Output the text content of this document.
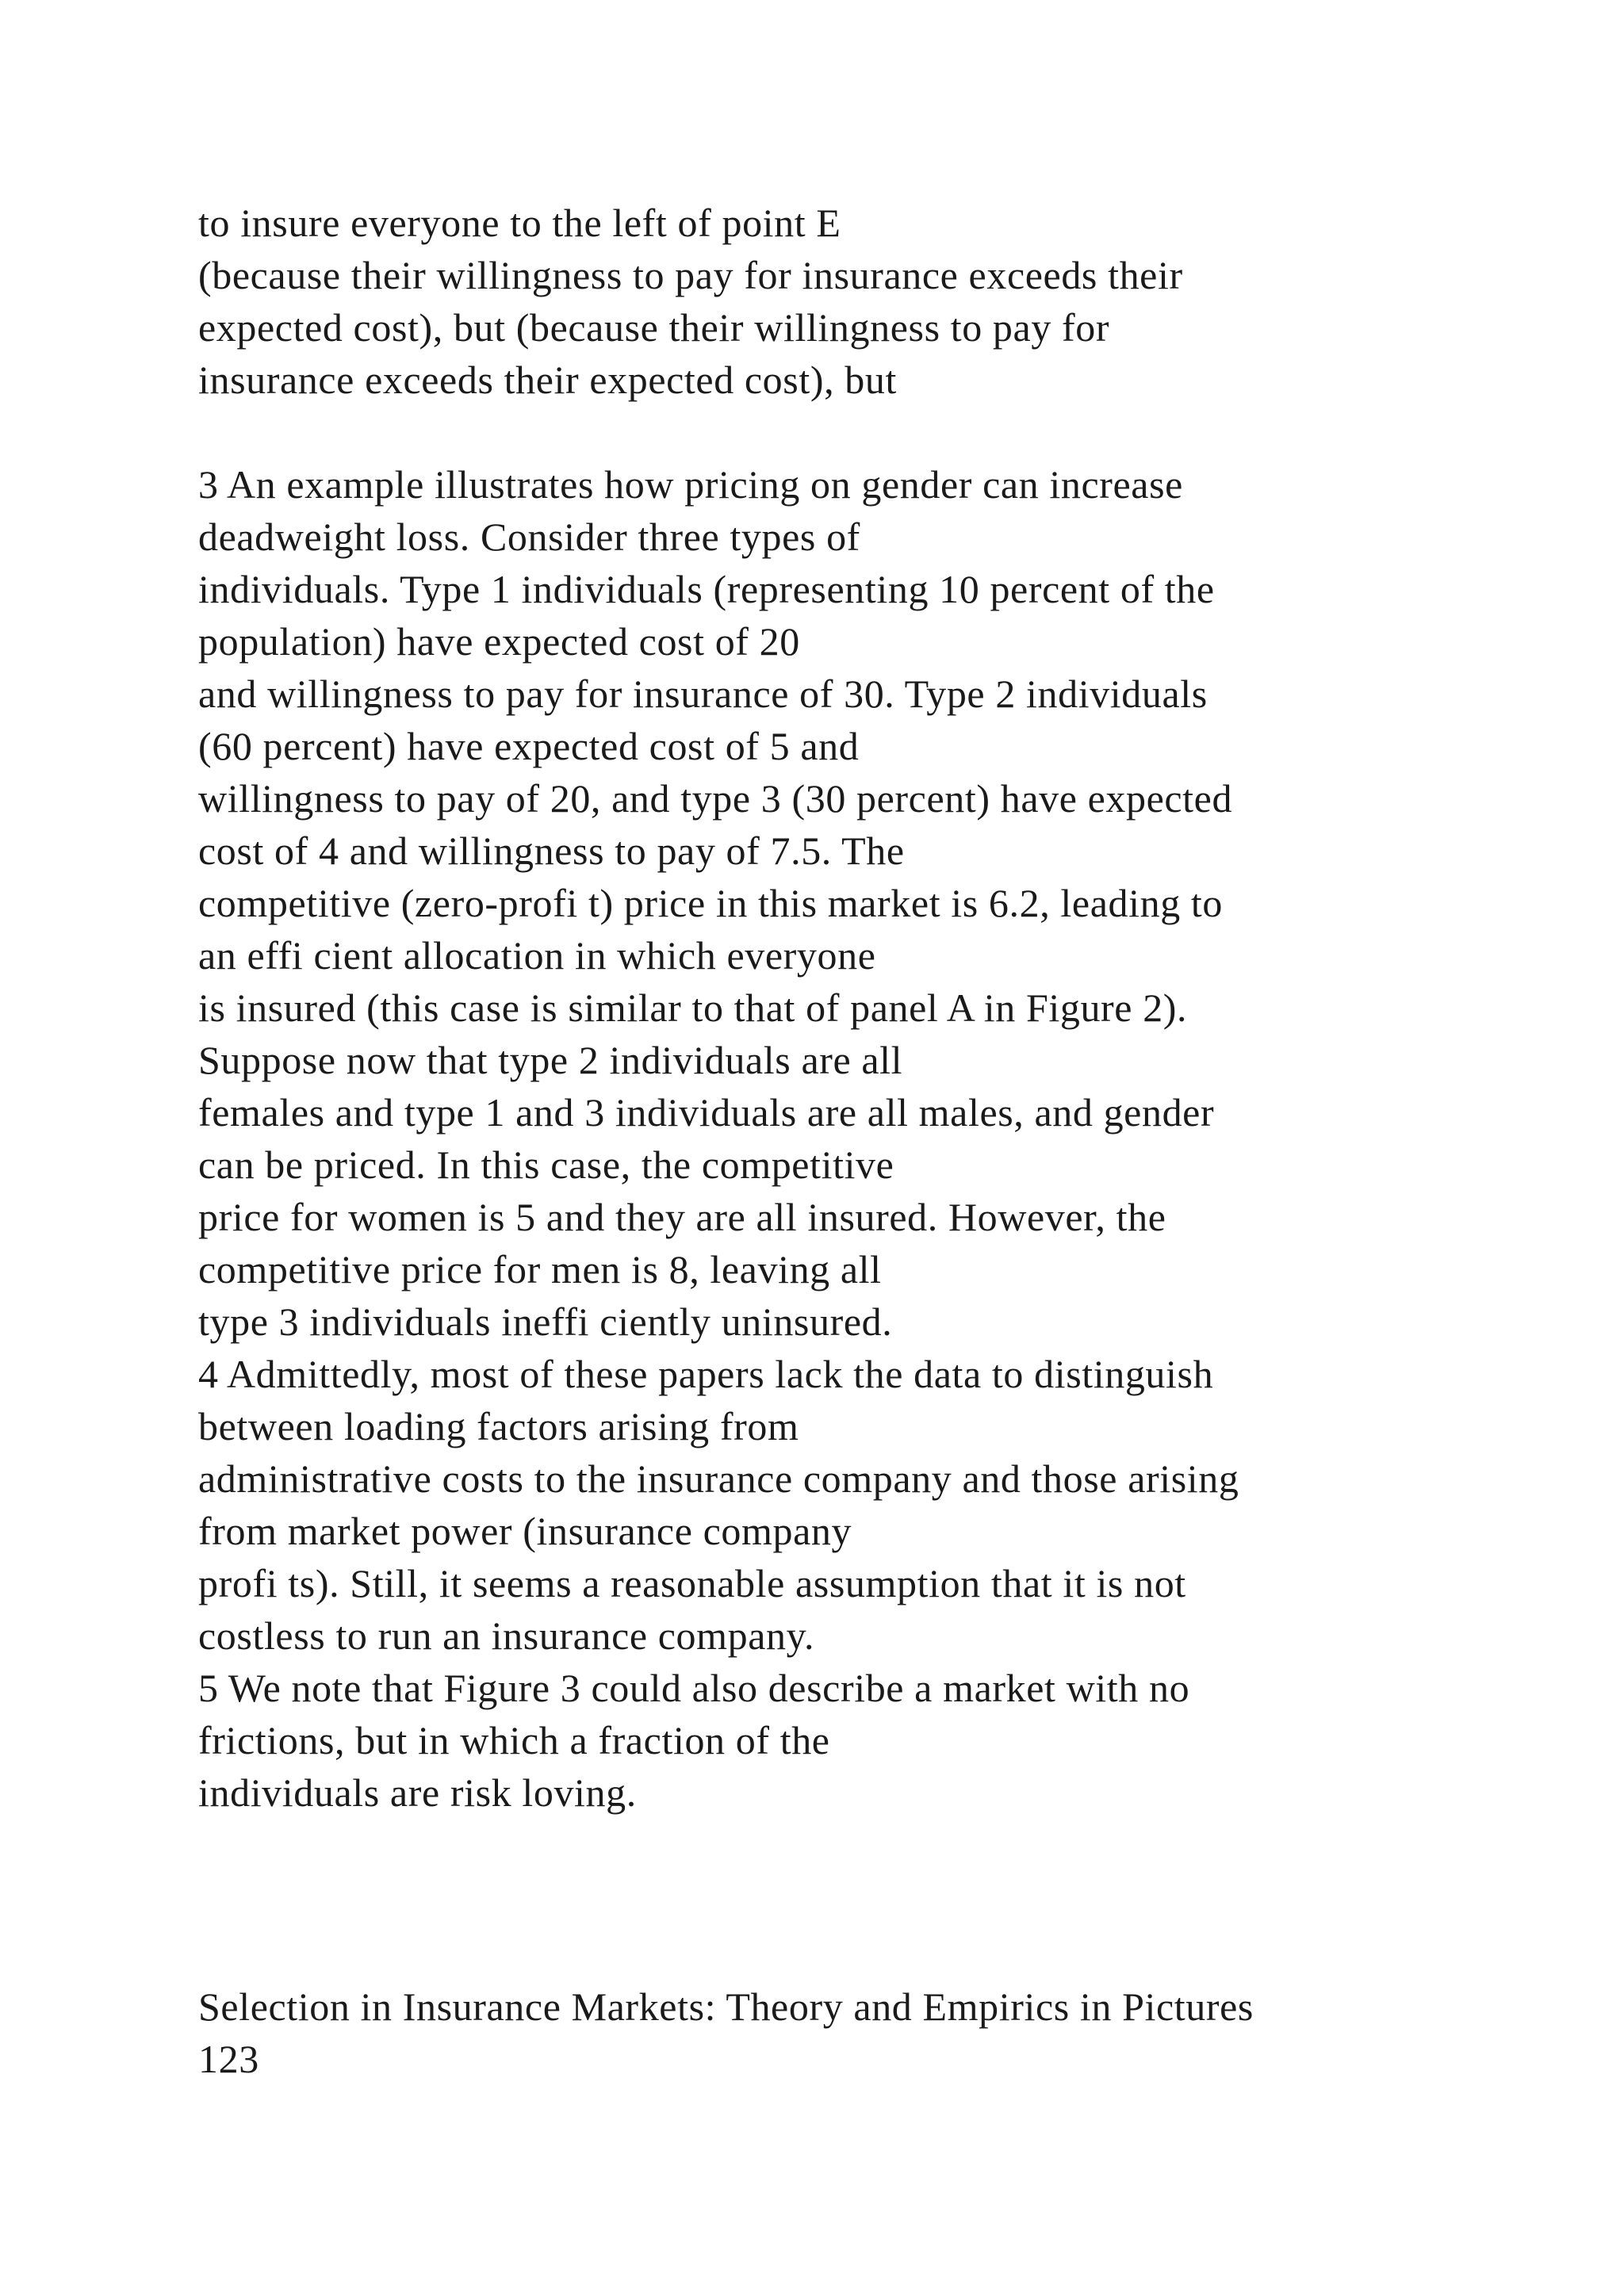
to insure everyone to the left of point E
(because their willingness to pay for insurance exceeds their
expected cost), but (because their willingness to pay for
insurance exceeds their expected cost), but
3 An example illustrates how pricing on gender can increase
deadweight loss. Consider three types of
individuals. Type 1 individuals (representing 10 percent of the
population) have expected cost of 20
and willingness to pay for insurance of 30. Type 2 individuals
(60 percent) have expected cost of 5 and
willingness to pay of 20, and type 3 (30 percent) have expected
cost of 4 and willingness to pay of 7.5. The
competitive (zero-profi t) price in this market is 6.2, leading to
an effi cient allocation in which everyone
is insured (this case is similar to that of panel A in Figure 2).
Suppose now that type 2 individuals are all
females and type 1 and 3 individuals are all males, and gender
can be priced. In this case, the competitive
price for women is 5 and they are all insured. However, the
competitive price for men is 8, leaving all
type 3 individuals ineffi ciently uninsured.
4 Admittedly, most of these papers lack the data to distinguish
between loading factors arising from
administrative costs to the insurance company and those arising
from market power (insurance company
profi ts). Still, it seems a reasonable assumption that it is not
costless to run an insurance company.
5 We note that Figure 3 could also describe a market with no
frictions, but in which a fraction of the
individuals are risk loving.
Selection in Insurance Markets: Theory and Empirics in Pictures
123
